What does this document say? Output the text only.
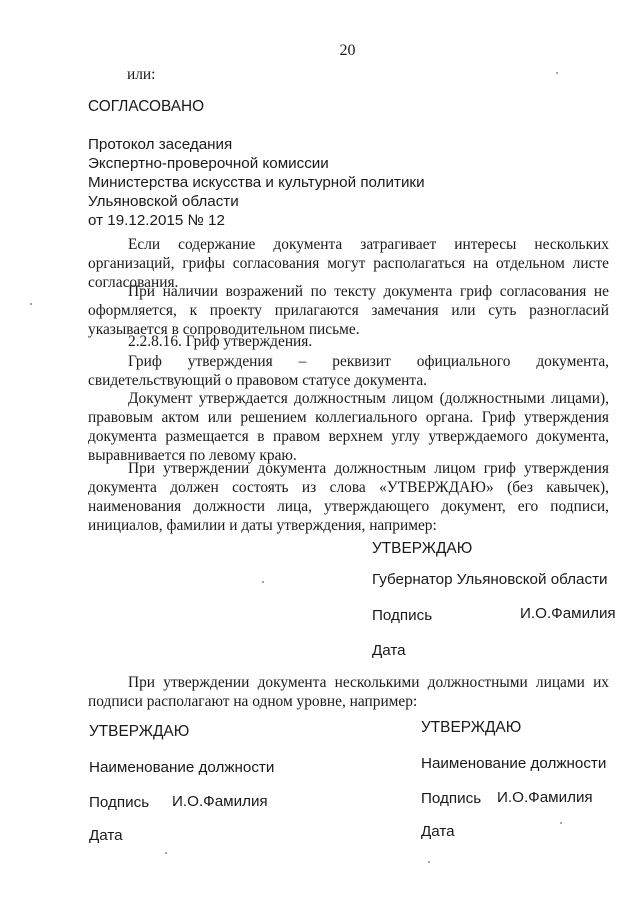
20
или:
СОГЛАСОВАНО
Протокол заседания
Экспертно-проверочной комиссии
Министерства искусства и культурной политики
Ульяновской области
от 19.12.2015 № 12
Если содержание документа затрагивает интересы нескольких
организаций, грифы согласования могут располагаться на отдельном листе
согласования.
При наличии возражений по тексту документа гриф согласования не
оформляется, к проекту прилагаются замечания или суть разногласий
указывается в сопроводительном письме.
2.2.8.16. Гриф утверждения.
Гриф утверждения – реквизит официального документа,
свидетельствующий о правовом статусе документа.
Документ утверждается должностным лицом (должностными лицами),
правовым актом или решением коллегиального органа. Гриф утверждения
документа размещается в правом верхнем углу утверждаемого документа,
выравнивается по левому краю.
При утверждении документа должностным лицом гриф утверждения
документа должен состоять из слова «УТВЕРЖДАЮ» (без кавычек),
наименования должности лица, утверждающего документ, его подписи,
инициалов, фамилии и даты утверждения, например:
УТВЕРЖДАЮ
Губернатор Ульяновской области
Подпись	И.О.Фамилия
Дата
При утверждении документа несколькими должностными лицами их
подписи располагают на одном уровне, например:
УТВЕРЖДАЮ
Наименование должности
Подпись И.О.Фамилия
Дата
УТВЕРЖДАЮ
Наименование должности
Подпись И.О.Фамилия
Дата
